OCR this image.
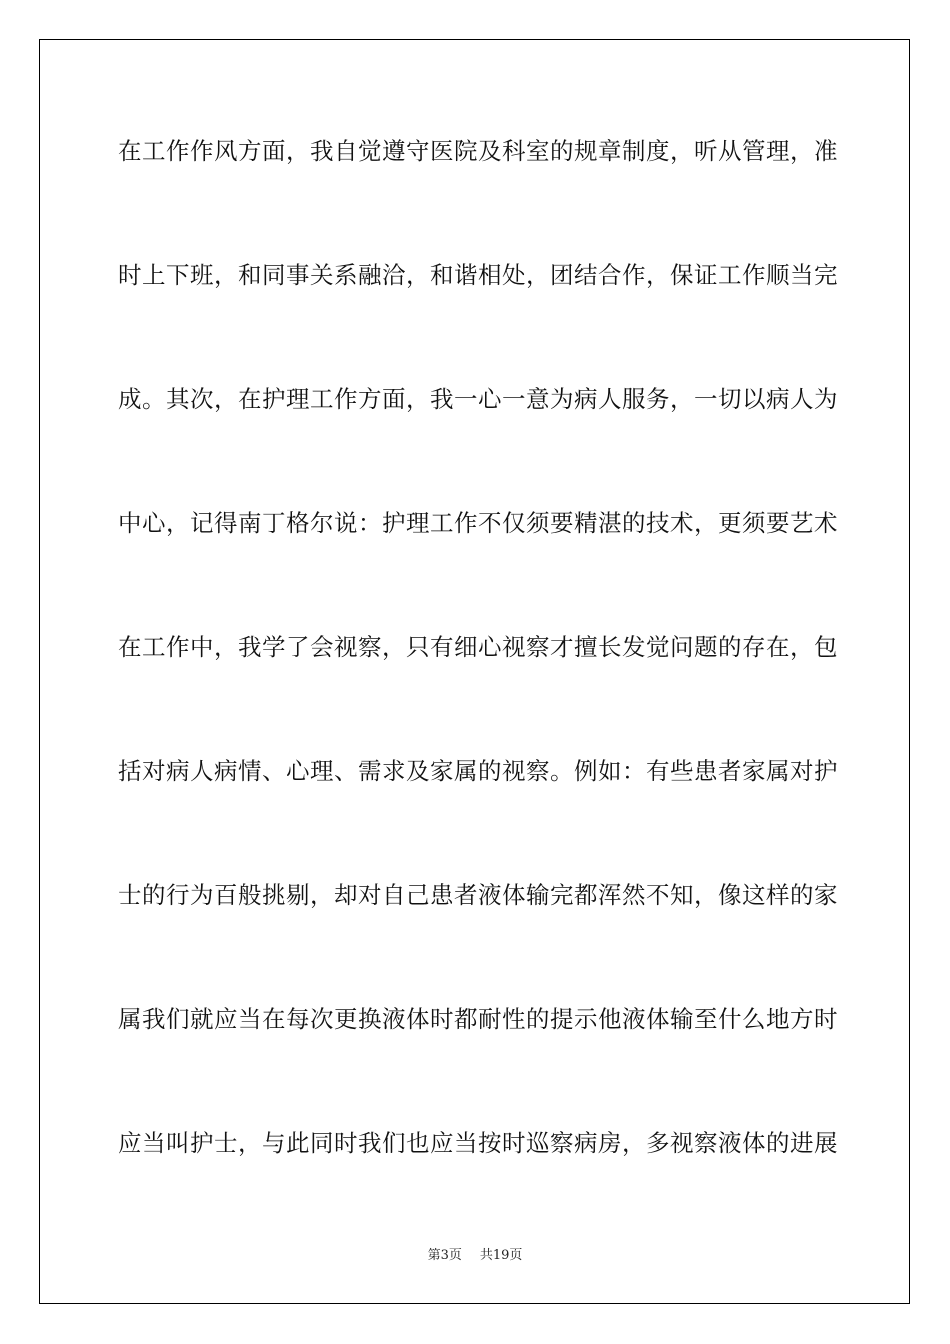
在工作作风方面，我自觉遵守医院及科室的规章制度，听从管理，准
时上下班，和同事关系融洽，和谐相处，团结合作，保证工作顺当完
成。其次，在护理工作方面，我一心一意为病人服务，一切以病人为
中心，记得南丁格尔说：护理工作不仅须要精湛的技术，更须要艺术
在工作中，我学了会视察，只有细心视察才擅长发觉问题的存在，包
括对病人病情、心理、需求及家属的视察。例如：有些患者家属对护
士的行为百般挑剔，却对自己患者液体输完都浑然不知，像这样的家
属我们就应当在每次更换液体时都耐性的提示他液体输至什么地方时
应当叫护士，与此同时我们也应当按时巡察病房，多视察液体的进展
第3页 共19页
